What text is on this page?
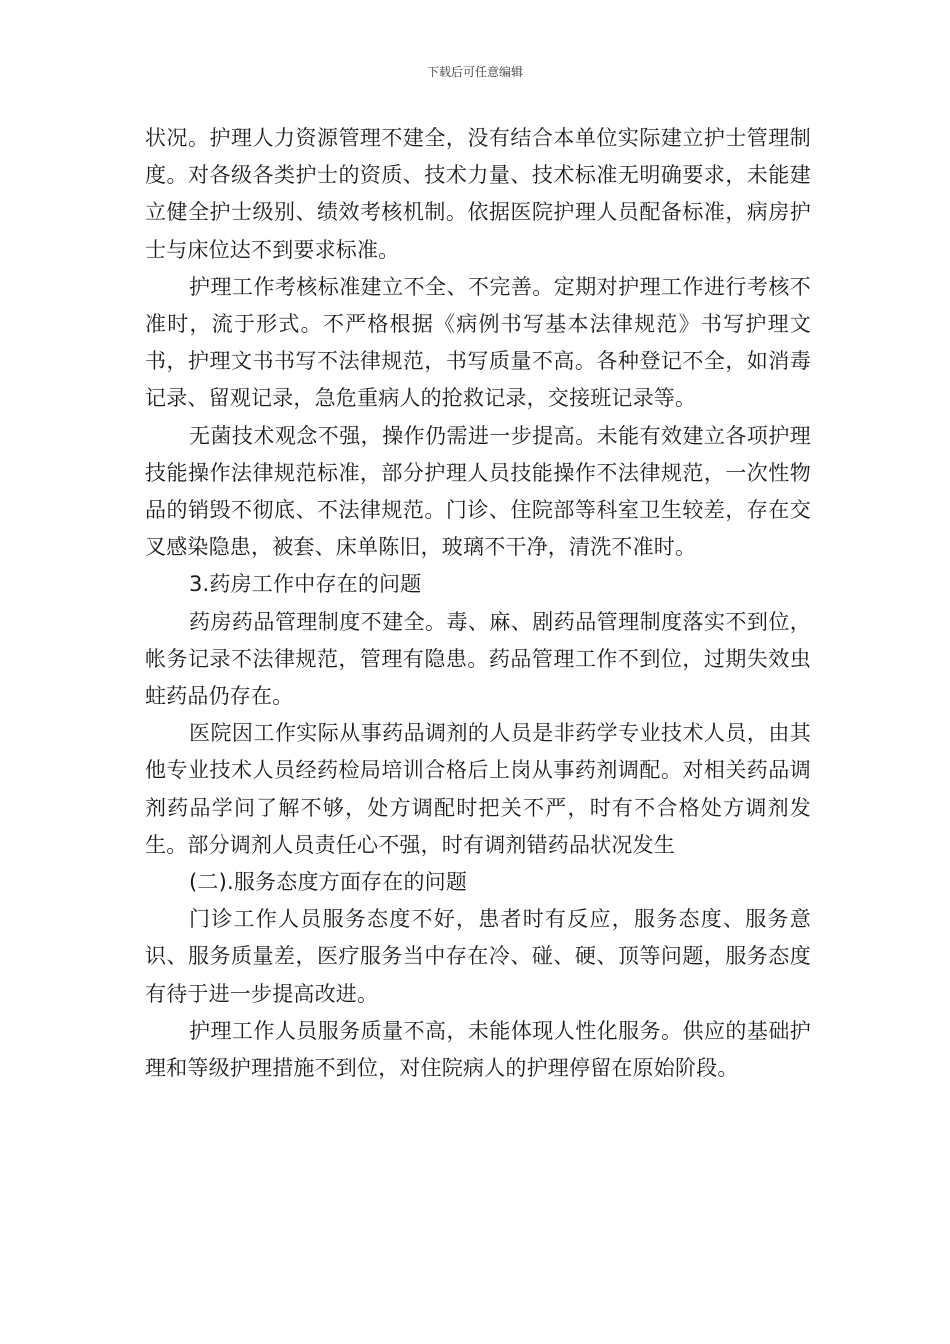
下载后可任意编辑

状况。护理人力资源管理不建全，没有结合本单位实际建立护士管理制度。对各级各类护士的资质、技术力量、技术标准无明确要求，未能建立健全护士级别、绩效考核机制。依据医院护理人员配备标准，病房护士与床位达不到要求标准。

护理工作考核标准建立不全、不完善。定期对护理工作进行考核不准时，流于形式。不严格根据《病例书写基本法律规范》书写护理文书，护理文书书写不法律规范，书写质量不高。各种登记不全，如消毒记录、留观记录，急危重病人的抢救记录，交接班记录等。

无菌技术观念不强，操作仍需进一步提高。未能有效建立各项护理技能操作法律规范标准，部分护理人员技能操作不法律规范，一次性物品的销毁不彻底、不法律规范。门诊、住院部等科室卫生较差，存在交叉感染隐患，被套、床单陈旧，玻璃不干净，清洗不准时。

3.药房工作中存在的问题

药房药品管理制度不建全。毒、麻、剧药品管理制度落实不到位，帐务记录不法律规范，管理有隐患。药品管理工作不到位，过期失效虫蛀药品仍存在。

医院因工作实际从事药品调剂的人员是非药学专业技术人员，由其他专业技术人员经药检局培训合格后上岗从事药剂调配。对相关药品调剂药品学问了解不够，处方调配时把关不严，时有不合格处方调剂发生。部分调剂人员责任心不强，时有调剂错药品状况发生

(二).服务态度方面存在的问题

门诊工作人员服务态度不好，患者时有反应，服务态度、服务意识、服务质量差，医疗服务当中存在冷、碰、硬、顶等问题，服务态度有待于进一步提高改进。

护理工作人员服务质量不高，未能体现人性化服务。供应的基础护理和等级护理措施不到位，对住院病人的护理停留在原始阶段。
